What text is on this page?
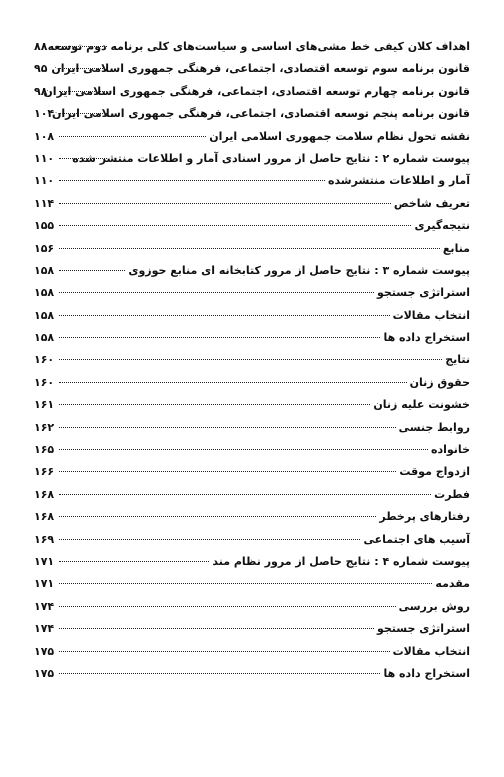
اهداف کلان کیفی خط مشی‌های اساسی و سیاست‌های کلی برنامه دوم توسعه
۸۸
قانون برنامه سوم توسعه اقتصادی، اجتماعی، فرهنگی جمهوری اسلامی ایران
۹۵
قانون برنامه چهارم توسعه اقتصادی، اجتماعی، فرهنگی جمهوری اسلامی ایران
۹۸
قانون برنامه پنجم توسعه اقتصادی، اجتماعی، فرهنگی جمهوری اسلامی ایران
۱۰۴
نقشه تحول نظام سلامت جمهوری اسلامی ایران
۱۰۸
پیوست شماره ۲ : نتایج حاصل از مرور اسنادی آمار و اطلاعات منتشر شده
۱۱۰
آمار و اطلاعات منتشرشده
۱۱۰
تعریف شاخص
۱۱۴
نتیجه‌گیری
۱۵۵
منابع
۱۵۶
پیوست شماره ۳ : نتایج حاصل از مرور کتابخانه ای منابع حوزوی
۱۵۸
استراتژی جستجو
۱۵۸
انتخاب مقالات
۱۵۸
استخراج داده ها
۱۵۸
نتایج
۱۶۰
حقوق زنان
۱۶۰
خشونت علیه زنان
۱۶۱
روابط جنسی
۱۶۲
خانواده
۱۶۵
ازدواج موقت
۱۶۶
فطرت
۱۶۸
رفتارهای پرخطر
۱۶۸
آسیب های اجتماعی
۱۶۹
پیوست شماره ۴ : نتایج حاصل از مرور نظام مند
۱۷۱
مقدمه
۱۷۱
روش بررسی
۱۷۴
استراتژی جستجو
۱۷۴
انتخاب مقالات
۱۷۵
استخراج داده ها
۱۷۵
